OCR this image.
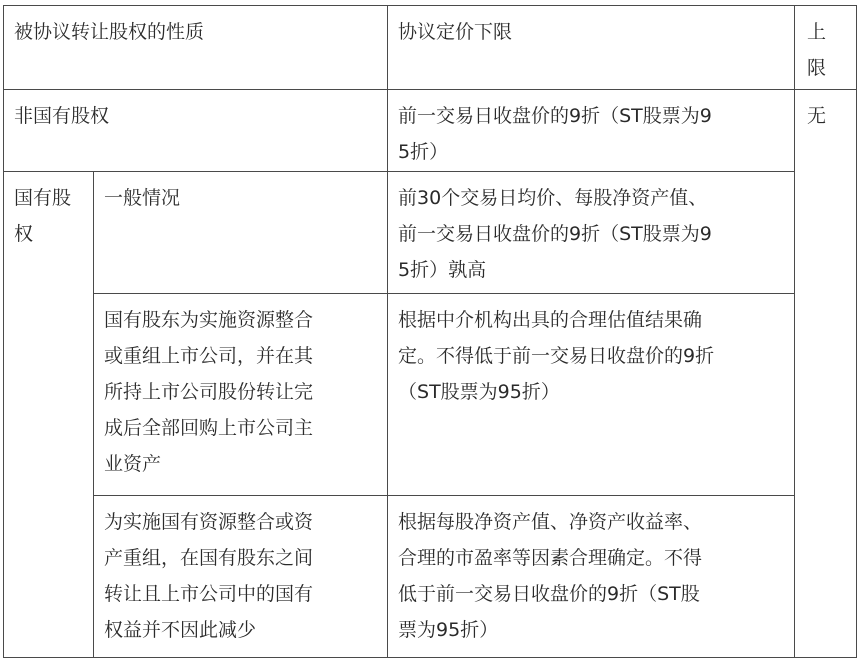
被协议转让股权的性质		协议定价下限	上
限
非国有股权		前一交易日收盘价的9折（ST股票为9
5折）	无
国有股
权	一般情况	前30个交易日均价、每股净资产值、
前一交易日收盘价的9折（ST股票为9
5折）孰高	
	国有股东为实施资源整合
或重组上市公司，并在其
所持上市公司股份转让完
成后全部回购上市公司主
业资产	根据中介机构出具的合理估值结果确
定。不得低于前一交易日收盘价的9折
（ST股票为95折）	
	为实施国有资源整合或资
产重组，在国有股东之间
转让且上市公司中的国有
权益并不因此减少	根据每股净资产值、净资产收益率、
合理的市盈率等因素合理确定。不得
低于前一交易日收盘价的9折（ST股
票为95折）	
